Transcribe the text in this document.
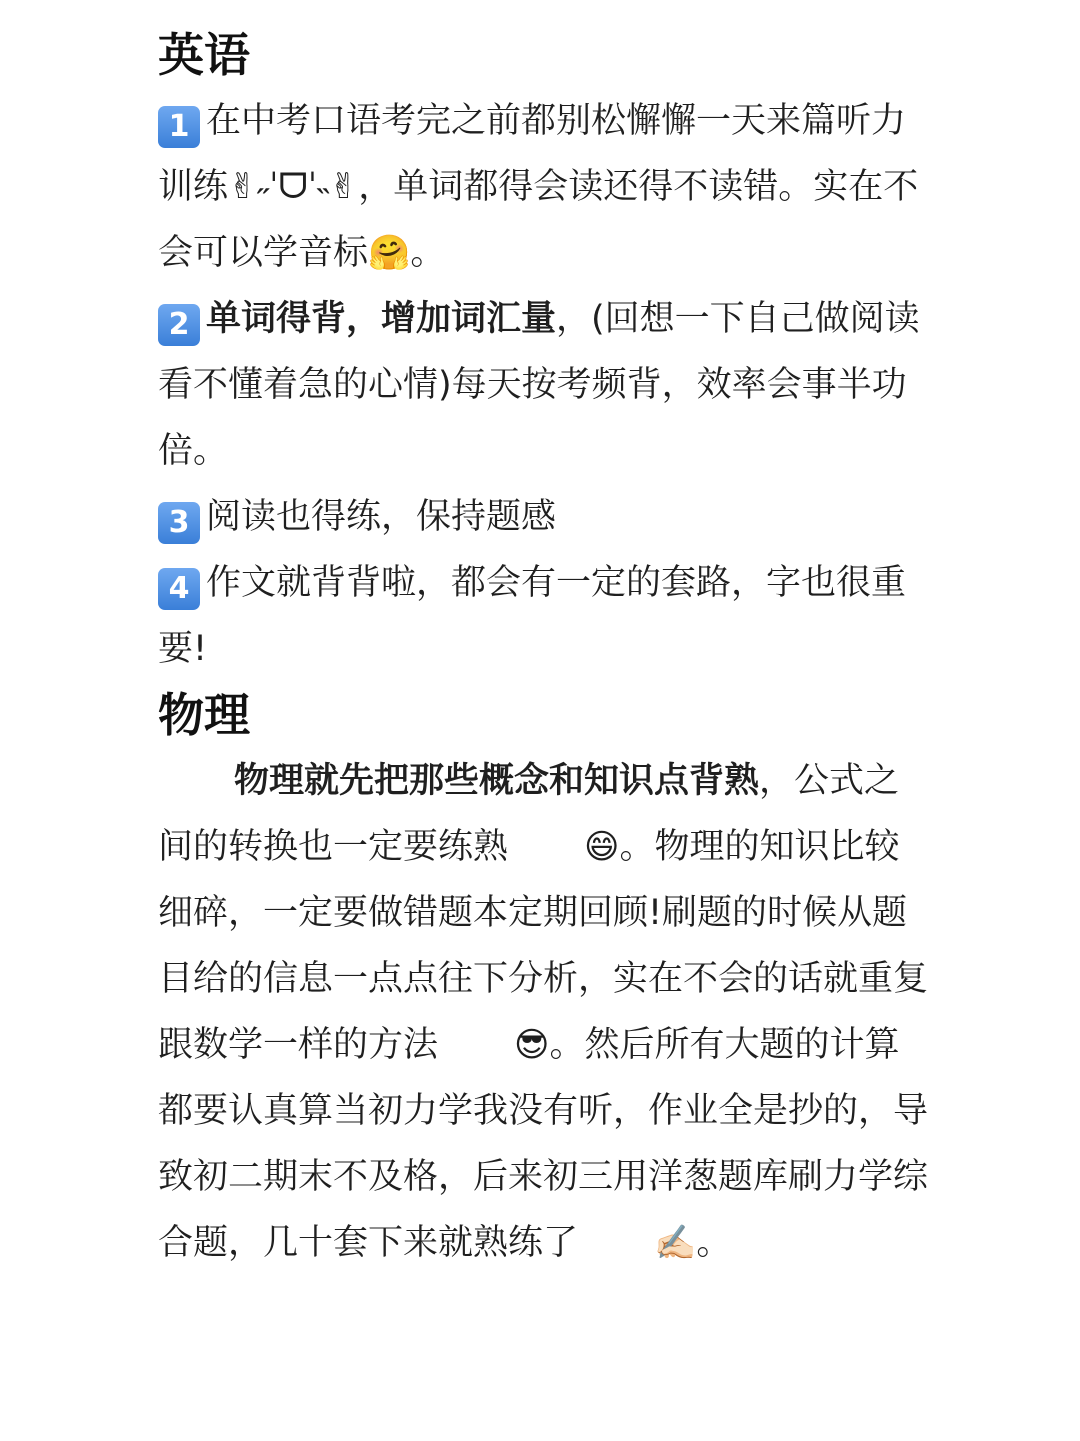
英语

1 在中考口语考完之前都别松懈懈一天来篇听力训练✌︎˶ˈᗜˈ˵✌︎，单词都得会读还得不读错。实在不会可以学音标🤗。

2 单词得背，增加词汇量，(回想一下自己做阅读看不懂着急的心情)每天按考频背，效率会事半功
倍。

3 阅读也得练，保持题感

4 作文就背背啦，都会有一定的套路，字也很重要!

物理

物理就先把那些概念和知识点背熟，公式之间的转换也一定要练熟 😄。物理的知识比较细碎，一定要做错题本定期回顾!刷题的时候从题目给的信息一点点往下分析，实在不会的话就重复跟数学一样的方法 😎。然后所有大题的计算都要认真算当初力学我没有听，作业全是抄的，导致初二期末不及格，后来初三用洋葱题库刷力学综合题，几十套下来就熟练了 ✍🏻。
